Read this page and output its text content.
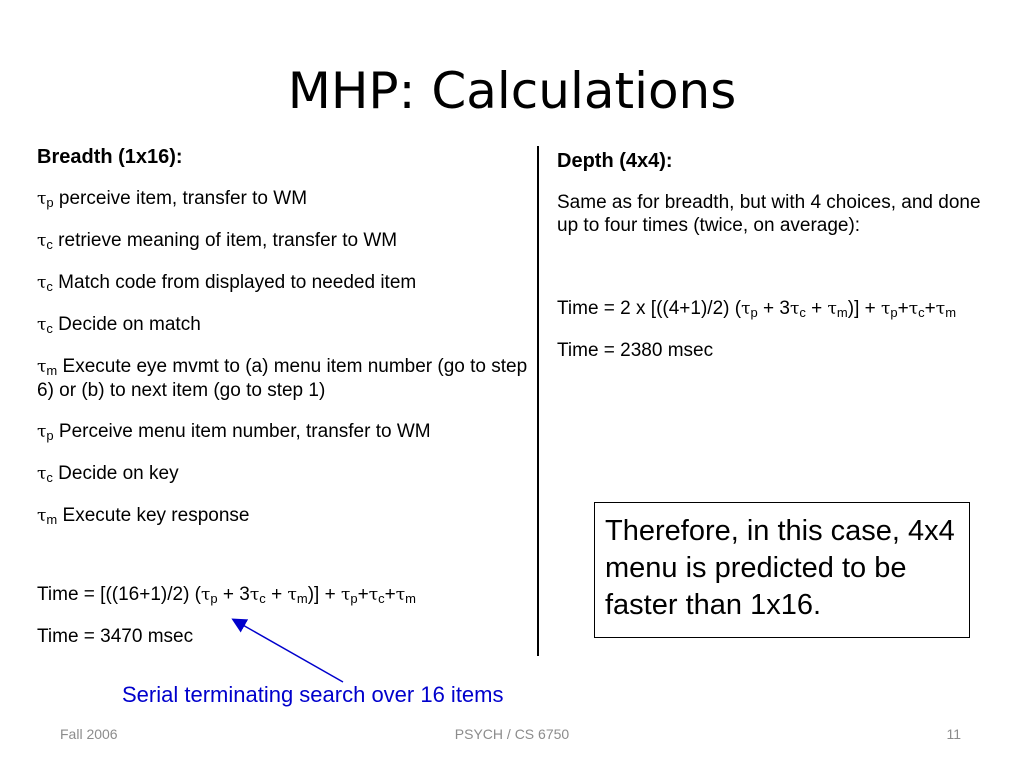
MHP: Calculations

Breadth (1x16):

$\tau_p$ perceive item, transfer to WM

$\tau_c$ retrieve meaning of item, transfer to WM

$\tau_c$ Match code from displayed to needed item

$\tau_c$ Decide on match

$\tau_m$ Execute eye mvmt to (a) menu item number (go to step 6) or (b) to next item (go to step 1)

$\tau_p$ Perceive menu item number, transfer to WM

$\tau_c$ Decide on key

$\tau_m$ Execute key response

Time = [((16+1)/2) $(\tau_p + 3\tau_c + \tau_m)] + \tau_p+\tau_c+\tau_m$

Time = 3470 msec

Depth (4x4):

Same as for breadth, but with 4 choices, and done up to four times (twice, on average):

Time = 2 x [((4+1)/2) $(\tau_p + 3\tau_c + \tau_m)] + \tau_p+\tau_c+\tau_m$

Time = 2380 msec

Therefore, in this case, 4x4 menu is predicted to be faster than 1x16.
Serial terminating search over 16 items
Fall 2006	PSYCH / CS 6750	11
